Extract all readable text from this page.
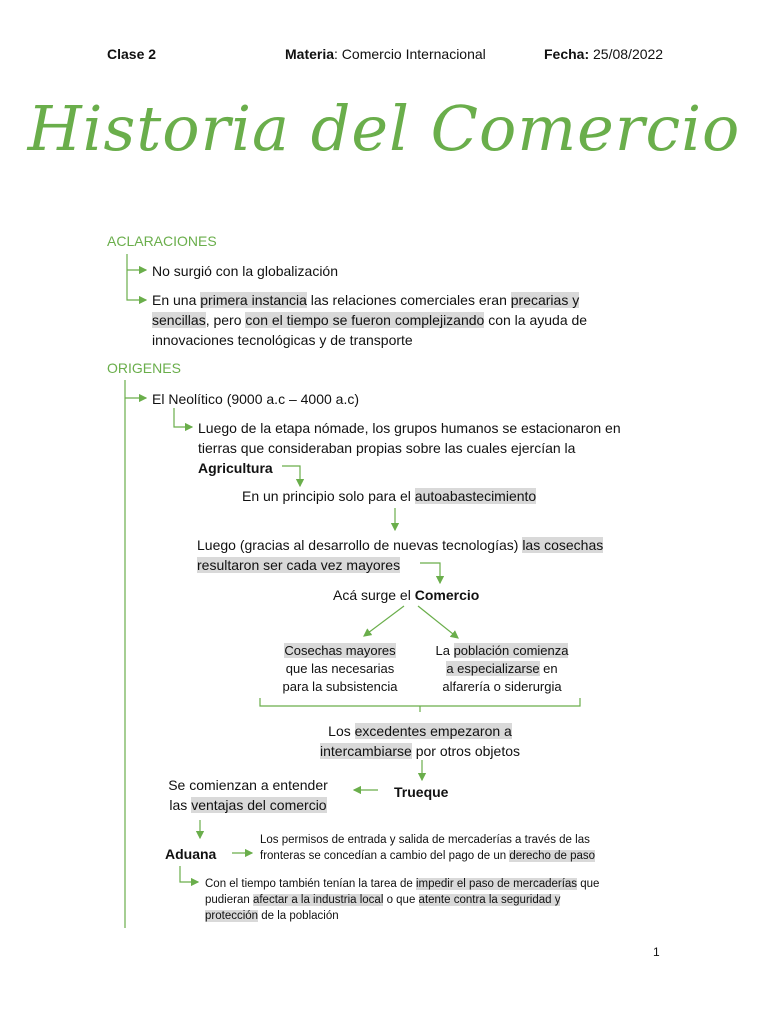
Clase 2	Materia: Comercio Internacional	Fecha: 25/08/2022
Historia del Comercio
ACLARACIONES
No surgió con la globalización
En una primera instancia las relaciones comerciales eran precarias y
sencillas, pero con el tiempo se fueron complejizando con la ayuda de
innovaciones tecnológicas y de transporte
ORIGENES
El Neolítico (9000 a.c – 4000 a.c)
Luego de la etapa nómade, los grupos humanos se estacionaron en
tierras que consideraban propias sobre las cuales ejercían la
Agricultura
En un principio solo para el autoabastecimiento
Luego (gracias al desarrollo de nuevas tecnologías) las cosechas
resultaron ser cada vez mayores
Acá surge el Comercio
Cosechas mayores
que las necesarias
para la subsistencia
La población comienza
a especializarse en
alfarería o siderurgia
Los excedentes empezaron a
intercambiarse por otros objetos
Trueque
Se comienzan a entender
las ventajas del comercio
Aduana
Los permisos de entrada y salida de mercaderías a través de las
fronteras se concedían a cambio del pago de un derecho de paso
Con el tiempo también tenían la tarea de impedir el paso de mercaderías que
pudieran afectar a la industria local o que atente contra la seguridad y
protección de la población
1
